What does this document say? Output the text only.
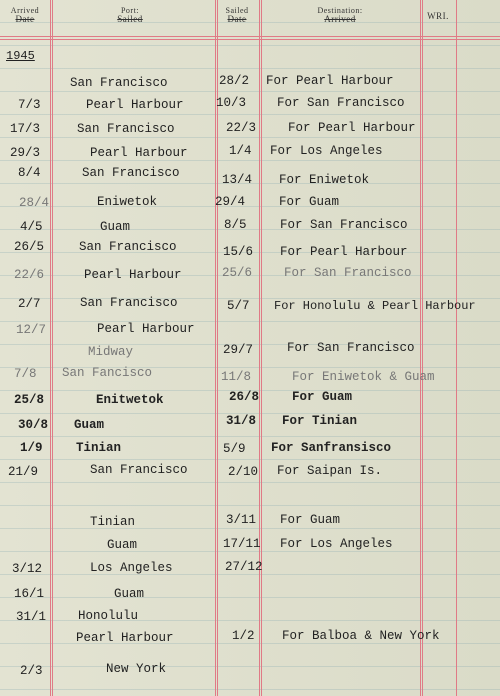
Arrived
Date
Port:
Sailed
Sailed
Date
Destination:
Arrived	WRI.
1945
San Francisco	28/2 For Pearl Harbour
7/3	Pearl Harbour	10/3 For San Francisco
17/3	San Francisco	22/3	For Pearl Harbour
29/3	Pearl Harbour	1/4 For Los Angeles
8/4	San Francisco	13/4 For Eniwetok
28/4	Eniwetok	29/4	For Guam
4/5	Guam	8/5	For San Francisco
26/5	San Francisco	15/6 For Pearl Harbour
22/6	Pearl Harbour	25/6	For San Francisco
2/7	San Francisco	5/7 For Honolulu & Pearl Harbour
12/7	Pearl Harbour
Midway	29/7	For San Francisco
7/8 San Fancisco	11/8	For Eniwetok & Guam
25/8	Enitwetok	26/8	For Guam
30/8 Guam	31/8 For Tinian
1/9	Tinian	5/9 For Sanfransisco
21/9	San Francisco	2/10 For Saipan Is.
Tinian	3/11 For Guam
Guam	17/11 For Los Angeles
3/12	Los Angeles	27/12
16/1	Guam
31/1	Honolulu
Pearl Harbour	1/2 For Balboa & New York
2/3	New York
